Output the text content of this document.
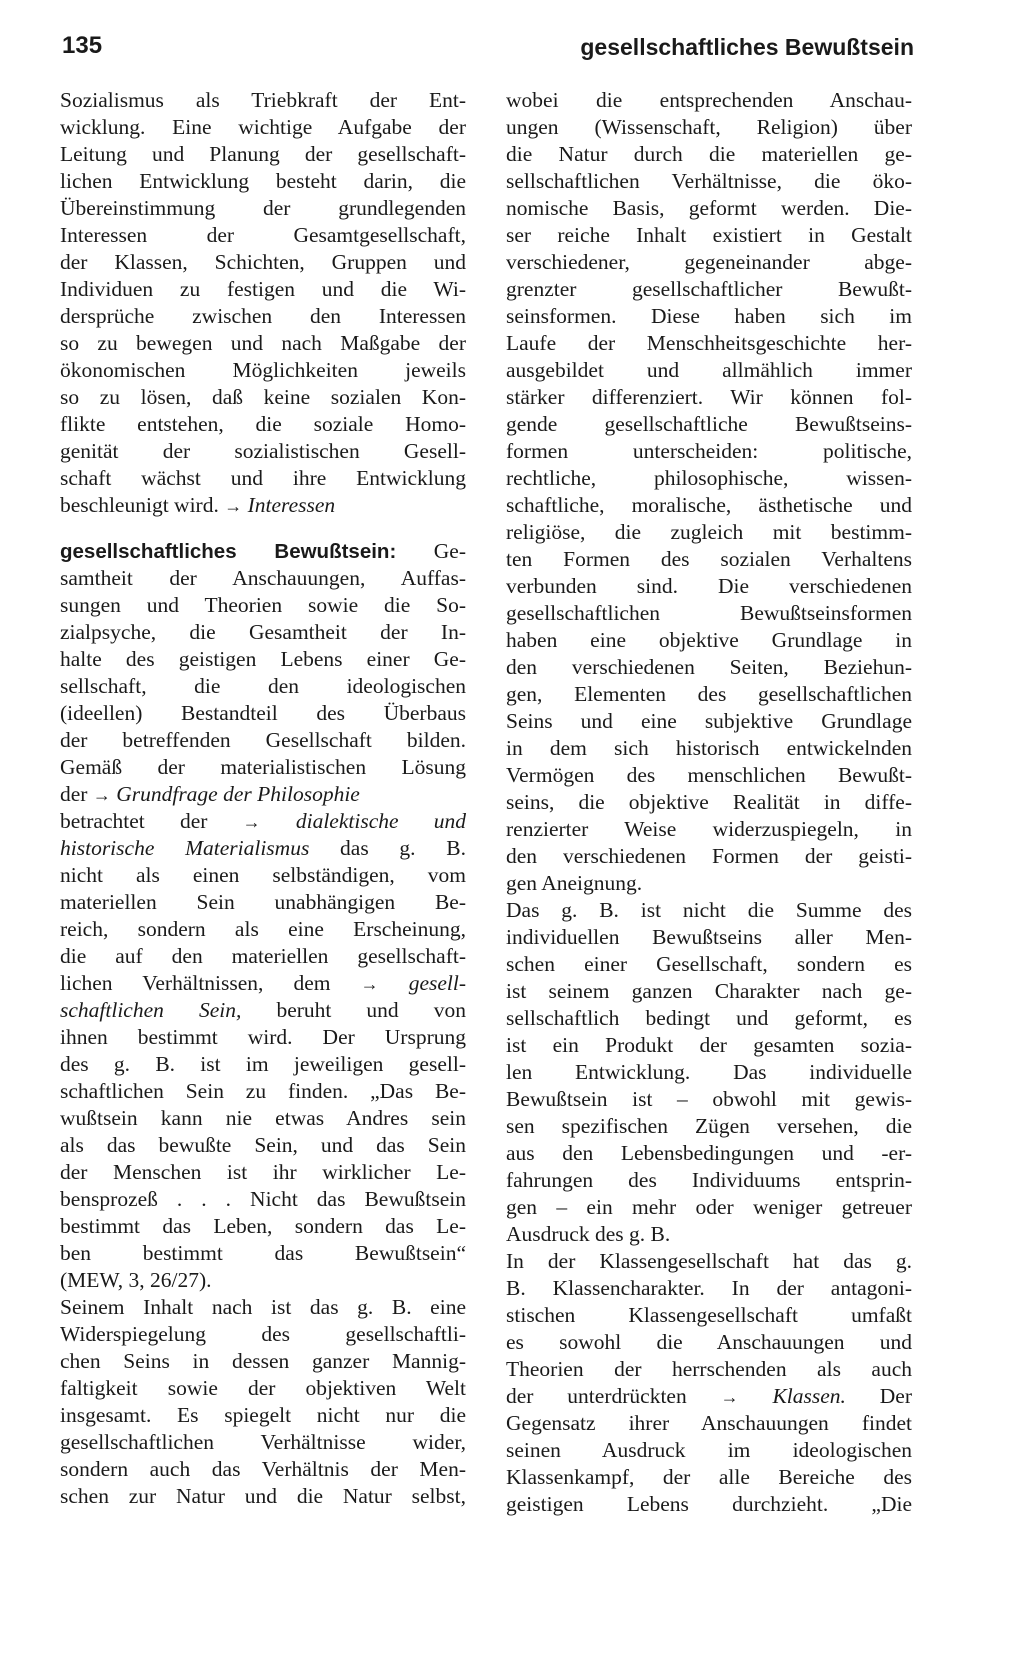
135	gesellschaftliches Bewußtsein
Sozialismus als Triebkraft der Ent-
wicklung. Eine wichtige Aufgabe der
Leitung und Planung der gesellschaft-
lichen Entwicklung besteht darin, die
Übereinstimmung der grundlegenden
Interessen der Gesamtgesellschaft,
der Klassen, Schichten, Gruppen und
Individuen zu festigen und die Wi-
dersprüche zwischen den Interessen
so zu bewegen und nach Maßgabe der
ökonomischen Möglichkeiten jeweils
so zu lösen, daß keine sozialen Kon-
flikte entstehen, die soziale Homo-
genität der sozialistischen Gesell-
schaft wächst und ihre Entwicklung
beschleunigt wird. → Interessen
gesellschaftliches Bewußtsein: Ge-
samtheit der Anschauungen, Auffas-
sungen und Theorien sowie die So-
zialpsyche, die Gesamtheit der In-
halte des geistigen Lebens einer Ge-
sellschaft, die den ideologischen
(ideellen) Bestandteil des Überbaus
der betreffenden Gesellschaft bilden.
Gemäß der materialistischen Lösung
der → Grundfrage der Philosophie
betrachtet der → dialektische und
historische Materialismus das g. B.
nicht als einen selbständigen, vom
materiellen Sein unabhängigen Be-
reich, sondern als eine Erscheinung,
die auf den materiellen gesellschaft-
lichen Verhältnissen, dem → gesell-
schaftlichen Sein, beruht und von
ihnen bestimmt wird. Der Ursprung
des g. B. ist im jeweiligen gesell-
schaftlichen Sein zu finden. „Das Be-
wußtsein kann nie etwas Andres sein
als das bewußte Sein, und das Sein
der Menschen ist ihr wirklicher Le-
bensprozeß . . . Nicht das Bewußtsein
bestimmt das Leben, sondern das Le-
ben bestimmt das Bewußtsein“
(MEW, 3, 26/27).
Seinem Inhalt nach ist das g. B. eine
Widerspiegelung des gesellschaftli-
chen Seins in dessen ganzer Mannig-
faltigkeit sowie der objektiven Welt
insgesamt. Es spiegelt nicht nur die
gesellschaftlichen Verhältnisse wider,
sondern auch das Verhältnis der Men-
schen zur Natur und die Natur selbst,
wobei die entsprechenden Anschau-
ungen (Wissenschaft, Religion) über
die Natur durch die materiellen ge-
sellschaftlichen Verhältnisse, die öko-
nomische Basis, geformt werden. Die-
ser reiche Inhalt existiert in Gestalt
verschiedener, gegeneinander abge-
grenzter gesellschaftlicher Bewußt-
seinsformen. Diese haben sich im
Laufe der Menschheitsgeschichte her-
ausgebildet und allmählich immer
stärker differenziert. Wir können fol-
gende gesellschaftliche Bewußtseins-
formen unterscheiden: politische,
rechtliche, philosophische, wissen-
schaftliche, moralische, ästhetische und
religiöse, die zugleich mit bestimm-
ten Formen des sozialen Verhaltens
verbunden sind. Die verschiedenen
gesellschaftlichen Bewußtseinsformen
haben eine objektive Grundlage in
den verschiedenen Seiten, Beziehun-
gen, Elementen des gesellschaftlichen
Seins und eine subjektive Grundlage
in dem sich historisch entwickelnden
Vermögen des menschlichen Bewußt-
seins, die objektive Realität in diffe-
renzierter Weise widerzuspiegeln, in
den verschiedenen Formen der geisti-
gen Aneignung.
Das g. B. ist nicht die Summe des
individuellen Bewußtseins aller Men-
schen einer Gesellschaft, sondern es
ist seinem ganzen Charakter nach ge-
sellschaftlich bedingt und geformt, es
ist ein Produkt der gesamten sozia-
len Entwicklung. Das individuelle
Bewußtsein ist – obwohl mit gewis-
sen spezifischen Zügen versehen, die
aus den Lebensbedingungen und -er-
fahrungen des Individuums entsprin-
gen – ein mehr oder weniger getreuer
Ausdruck des g. B.
In der Klassengesellschaft hat das g.
B. Klassencharakter. In der antagoni-
stischen Klassengesellschaft umfaßt
es sowohl die Anschauungen und
Theorien der herrschenden als auch
der unterdrückten → Klassen. Der
Gegensatz ihrer Anschauungen findet
seinen Ausdruck im ideologischen
Klassenkampf, der alle Bereiche des
geistigen Lebens durchzieht. „Die
